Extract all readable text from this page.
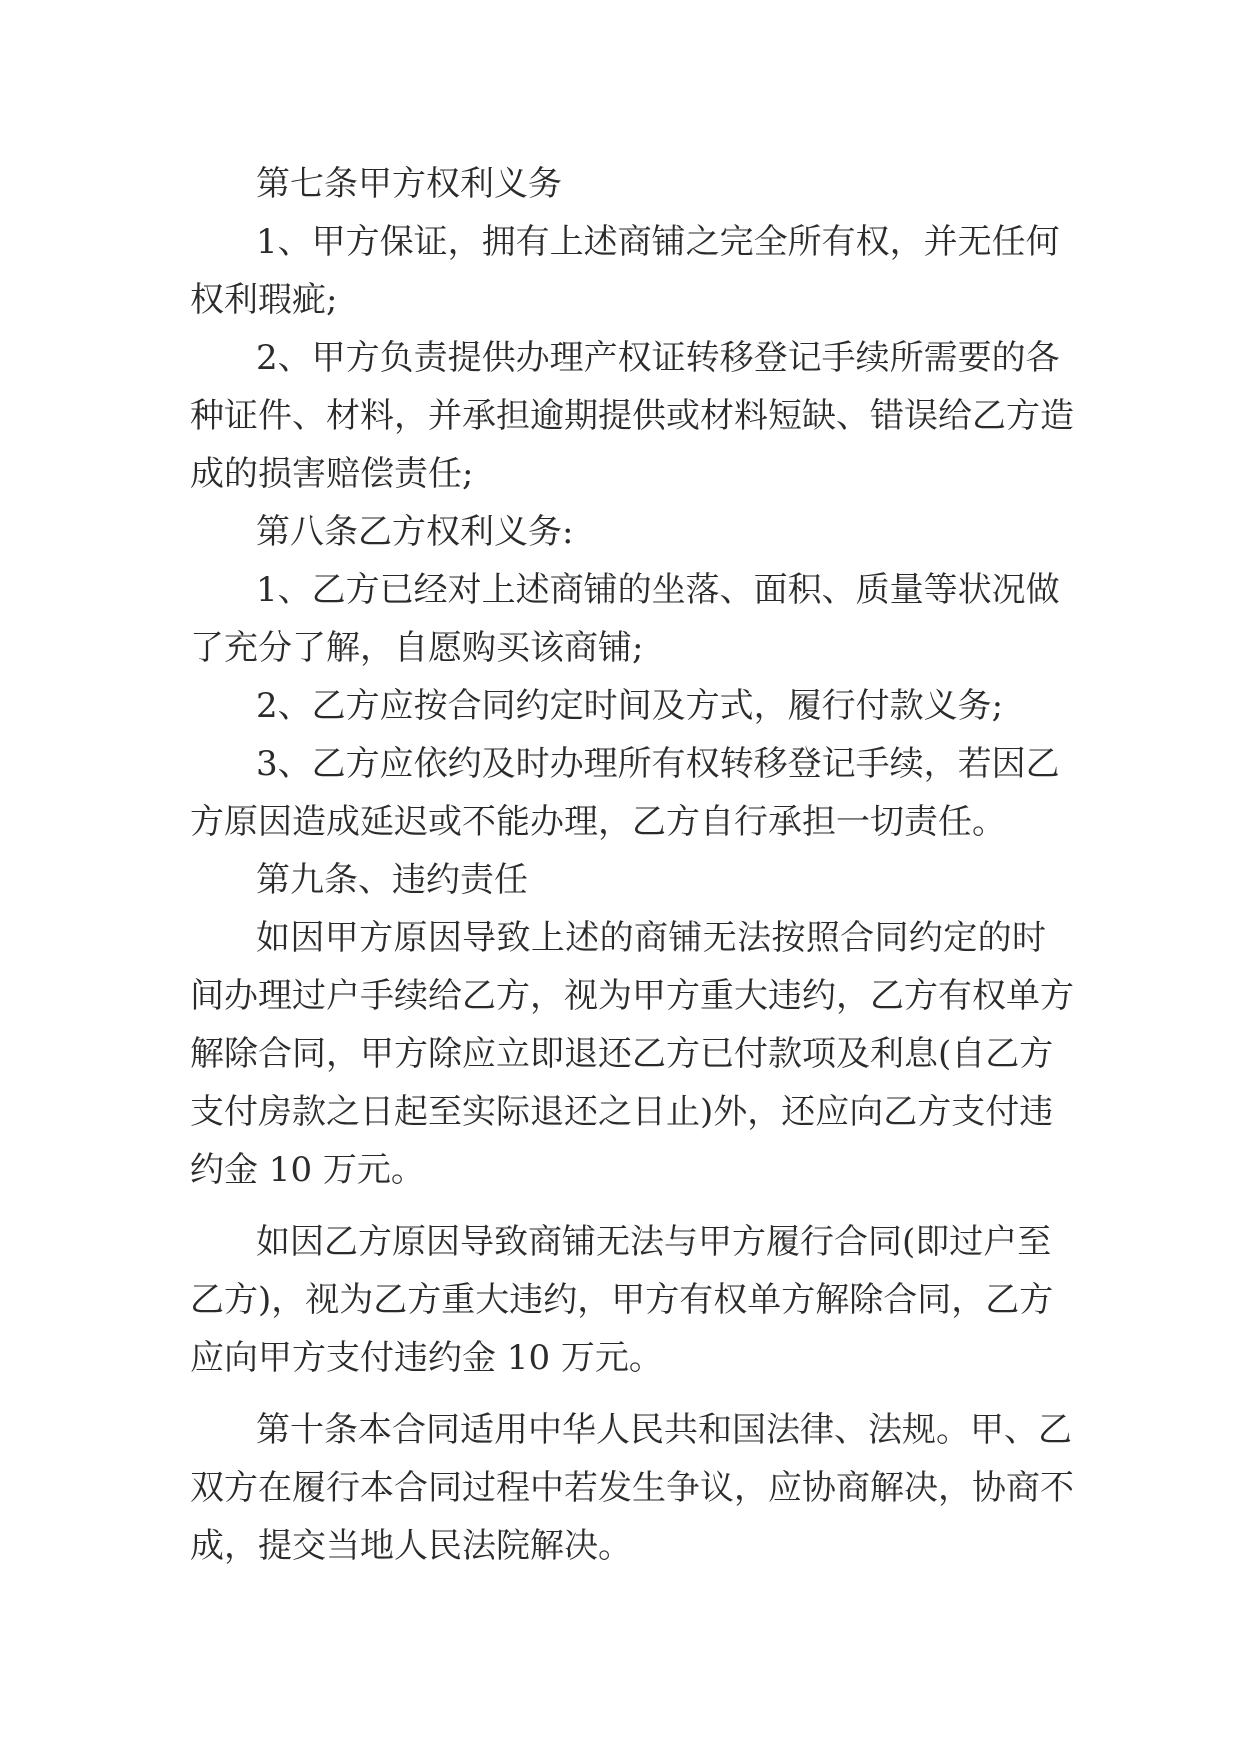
第七条甲方权利义务

1、甲方保证，拥有上述商铺之完全所有权，并无任何

权利瑕疵;

2、甲方负责提供办理产权证转移登记手续所需要的各

种证件、材料，并承担逾期提供或材料短缺、错误给乙方造

成的损害赔偿责任;

第八条乙方权利义务:

1、乙方已经对上述商铺的坐落、面积、质量等状况做

了充分了解，自愿购买该商铺;

2、乙方应按合同约定时间及方式，履行付款义务;

3、乙方应依约及时办理所有权转移登记手续，若因乙

方原因造成延迟或不能办理，乙方自行承担一切责任。

第九条、违约责任

如因甲方原因导致上述的商铺无法按照合同约定的时

间办理过户手续给乙方，视为甲方重大违约，乙方有权单方

解除合同，甲方除应立即退还乙方已付款项及利息(自乙方

支付房款之日起至实际退还之日止)外，还应向乙方支付违

约金 10 万元。

如因乙方原因导致商铺无法与甲方履行合同(即过户至

乙方)，视为乙方重大违约，甲方有权单方解除合同，乙方

应向甲方支付违约金 10 万元。

第十条本合同适用中华人民共和国法律、法规。甲、乙

双方在履行本合同过程中若发生争议，应协商解决，协商不

成，提交当地人民法院解决。
